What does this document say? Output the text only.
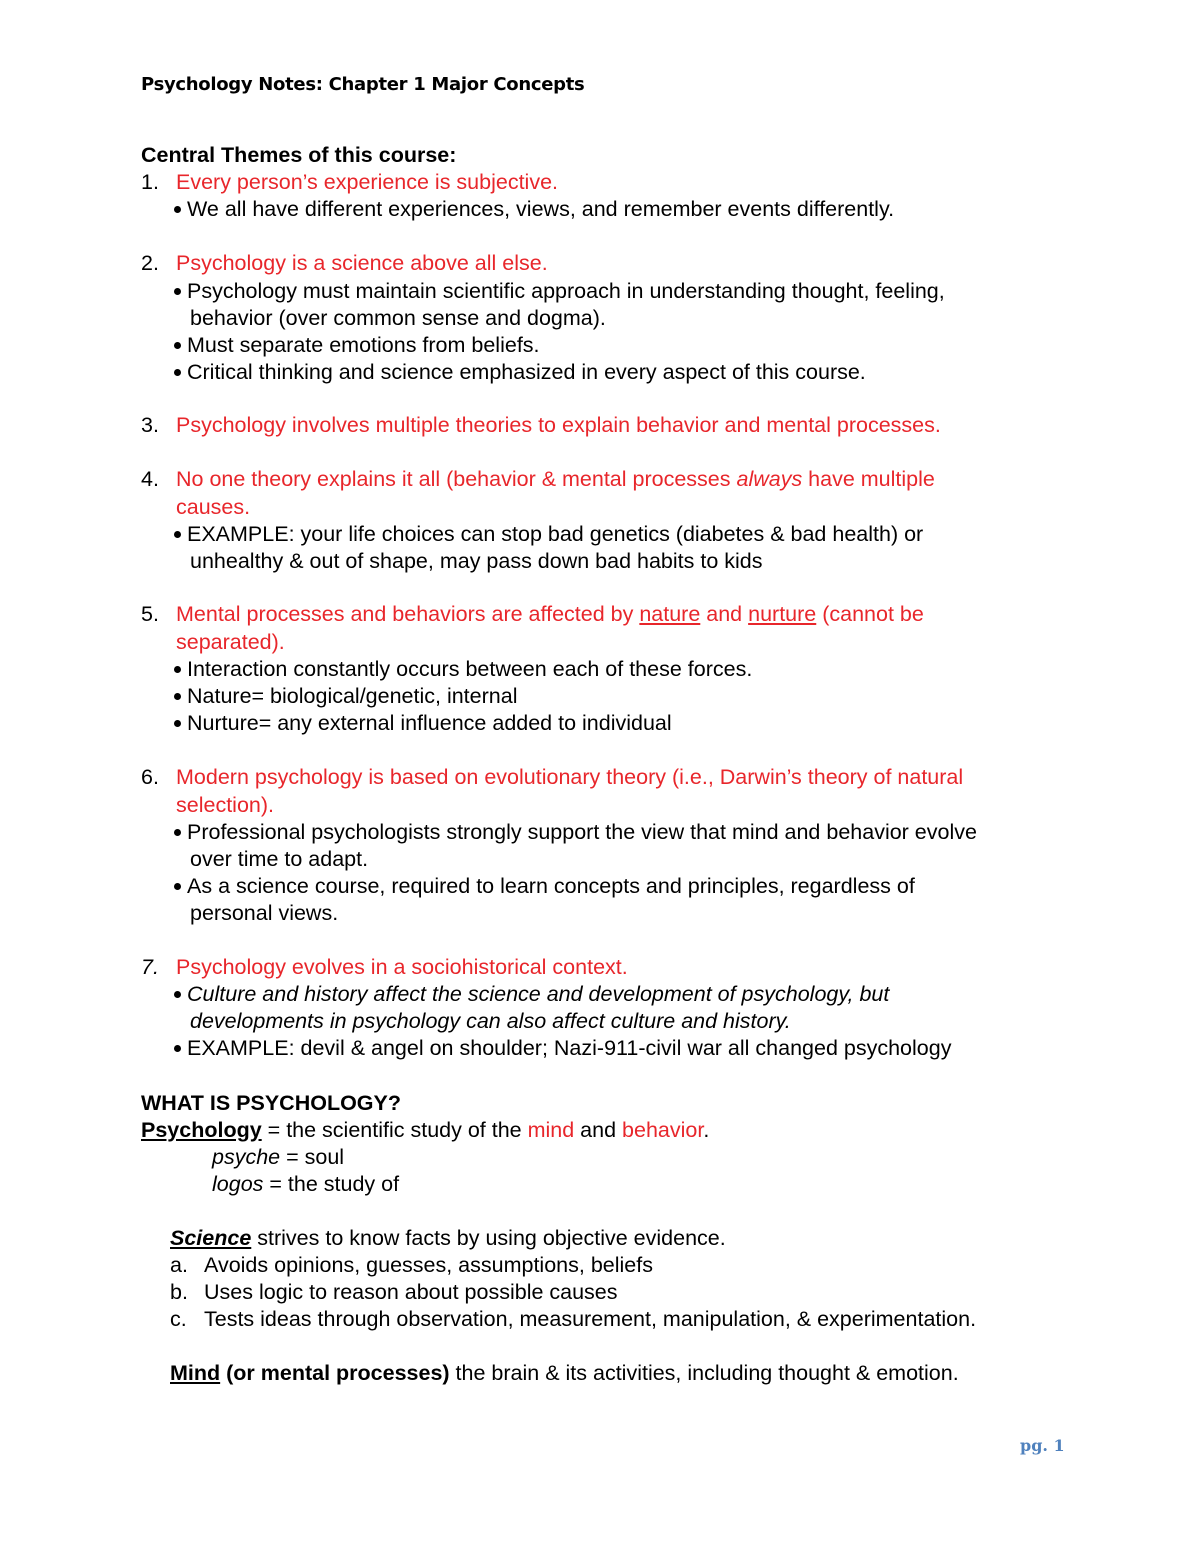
Psychology Notes: Chapter 1 Major Concepts
Central Themes of this course:
1. Every person’s experience is subjective.
We all have different experiences, views, and remember events differently.
2. Psychology is a science above all else.
Psychology must maintain scientific approach in understanding thought, feeling,
behavior (over common sense and dogma).
Must separate emotions from beliefs.
Critical thinking and science emphasized in every aspect of this course.
3. Psychology involves multiple theories to explain behavior and mental processes.
4. No one theory explains it all (behavior & mental processes always have multiple
causes.
EXAMPLE: your life choices can stop bad genetics (diabetes & bad health) or
unhealthy & out of shape, may pass down bad habits to kids
5. Mental processes and behaviors are affected by nature and nurture (cannot be
separated).
Interaction constantly occurs between each of these forces.
Nature= biological/genetic, internal
Nurture= any external influence added to individual
6. Modern psychology is based on evolutionary theory (i.e., Darwin’s theory of natural
selection).
Professional psychologists strongly support the view that mind and behavior evolve
over time to adapt.
As a science course, required to learn concepts and principles, regardless of
personal views.
7. Psychology evolves in a sociohistorical context.
Culture and history affect the science and development of psychology, but
developments in psychology can also affect culture and history.
EXAMPLE: devil & angel on shoulder; Nazi-911-civil war all changed psychology
WHAT IS PSYCHOLOGY?
Psychology = the scientific study of the mind and behavior.
psyche = soul
logos = the study of
Science strives to know facts by using objective evidence.
a. Avoids opinions, guesses, assumptions, beliefs
b. Uses logic to reason about possible causes
c. Tests ideas through observation, measurement, manipulation, & experimentation.
Mind (or mental processes) the brain & its activities, including thought & emotion.
pg. 1
